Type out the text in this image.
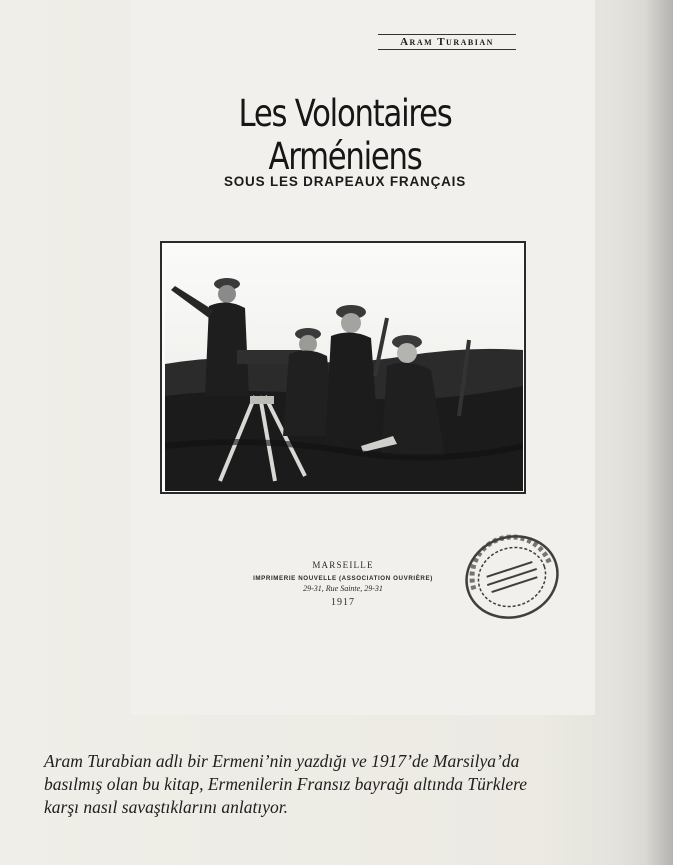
Aram Turabian
Les Volontaires Arméniens
SOUS LES DRAPEAUX FRANÇAIS
MARSEILLE
IMPRIMERIE NOUVELLE (ASSOCIATION OUVRIÈRE)
29-31, Rue Sainte, 29-31
1917
Aram Turabian adlı bir Ermeni’nin yazdığı ve 1917’de Marsilya’da
basılmış olan bu kitap, Ermenilerin Fransız bayrağı altında Türklere
karşı nasıl savaştıklarını anlatıyor.
